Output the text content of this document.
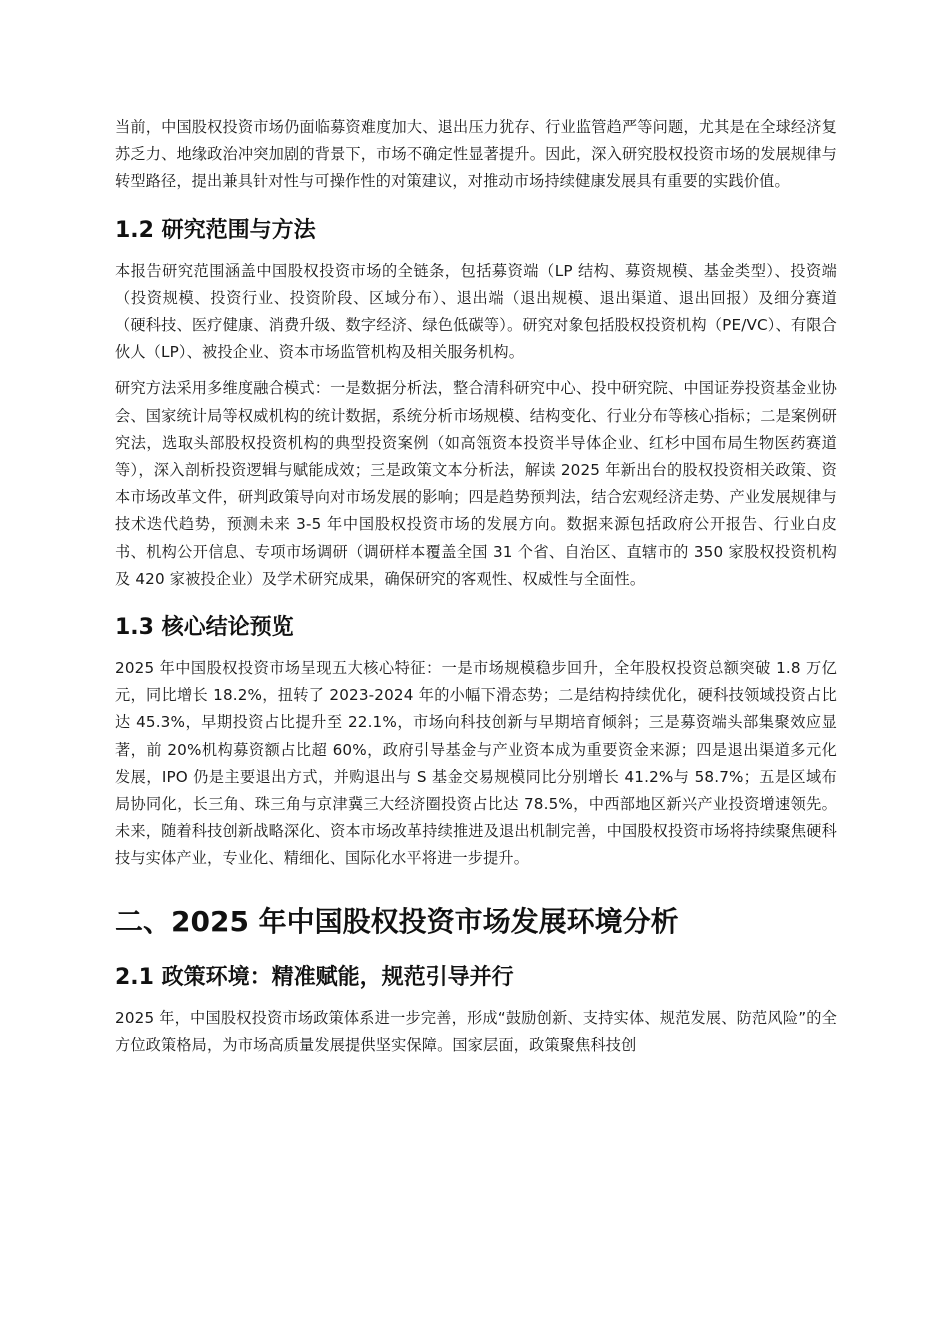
当前，中国股权投资市场仍面临募资难度加大、退出压力犹存、行业监管趋严等问题，尤其是在全球经济复苏乏力、地缘政治冲突加剧的背景下，市场不确定性显著提升。因此，深入研究股权投资市场的发展规律与转型路径，提出兼具针对性与可操作性的对策建议，对推动市场持续健康发展具有重要的实践价值。

1.2 研究范围与方法

本报告研究范围涵盖中国股权投资市场的全链条，包括募资端（LP 结构、募资规模、基金类型）、投资端（投资规模、投资行业、投资阶段、区域分布）、退出端（退出规模、退出渠道、退出回报）及细分赛道（硬科技、医疗健康、消费升级、数字经济、绿色低碳等）。研究对象包括股权投资机构（PE/VC）、有限合伙人（LP）、被投企业、资本市场监管机构及相关服务机构。

研究方法采用多维度融合模式：一是数据分析法，整合清科研究中心、投中研究院、中国证券投资基金业协会、国家统计局等权威机构的统计数据，系统分析市场规模、结构变化、行业分布等核心指标；二是案例研究法，选取头部股权投资机构的典型投资案例（如高瓴资本投资半导体企业、红杉中国布局生物医药赛道等），深入剖析投资逻辑与赋能成效；三是政策文本分析法，解读 2025 年新出台的股权投资相关政策、资本市场改革文件，研判政策导向对市场发展的影响；四是趋势预判法，结合宏观经济走势、产业发展规律与技术迭代趋势，预测未来 3-5 年中国股权投资市场的发展方向。数据来源包括政府公开报告、行业白皮书、机构公开信息、专项市场调研（调研样本覆盖全国 31 个省、自治区、直辖市的 350 家股权投资机构及 420 家被投企业）及学术研究成果，确保研究的客观性、权威性与全面性。

1.3 核心结论预览

2025 年中国股权投资市场呈现五大核心特征：一是市场规模稳步回升，全年股权投资总额突破 1.8 万亿元，同比增长 18.2%，扭转了 2023-2024 年的小幅下滑态势；二是结构持续优化，硬科技领域投资占比达 45.3%，早期投资占比提升至 22.1%，市场向科技创新与早期培育倾斜；三是募资端头部集聚效应显著，前 20%机构募资额占比超 60%，政府引导基金与产业资本成为重要资金来源；四是退出渠道多元化发展，IPO 仍是主要退出方式，并购退出与 S 基金交易规模同比分别增长 41.2%与 58.7%；五是区域布局协同化，长三角、珠三角与京津冀三大经济圈投资占比达 78.5%，中西部地区新兴产业投资增速领先。未来，随着科技创新战略深化、资本市场改革持续推进及退出机制完善，中国股权投资市场将持续聚焦硬科技与实体产业，专业化、精细化、国际化水平将进一步提升。

二、2025 年中国股权投资市场发展环境分析
2.1 政策环境：精准赋能，规范引导并行

2025 年，中国股权投资市场政策体系进一步完善，形成“鼓励创新、支持实体、规范发展、防范风险”的全方位政策格局，为市场高质量发展提供坚实保障。国家层面，政策聚焦科技创
